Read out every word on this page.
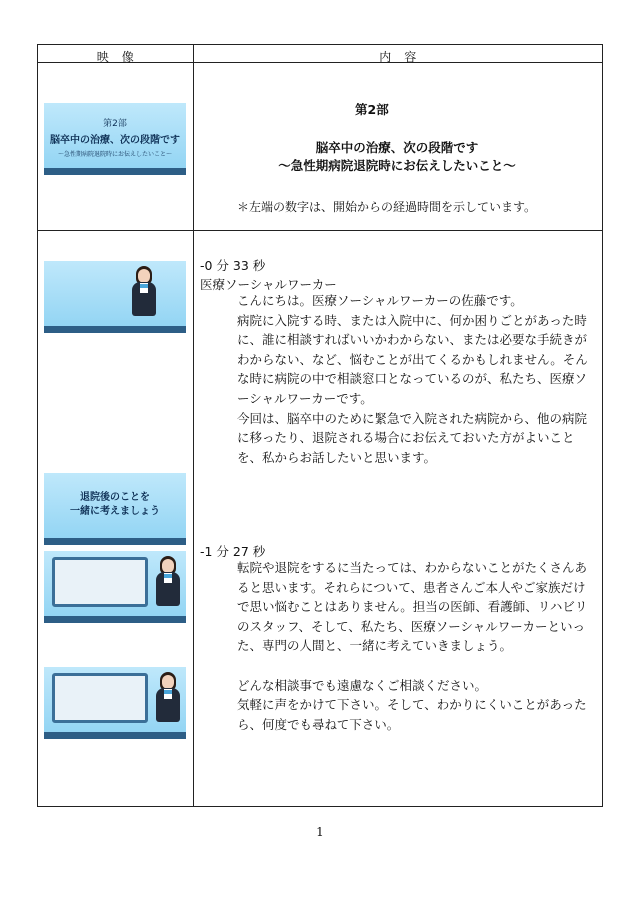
映　像	内　容
第2部
脳卒中の治療、次の段階です
～急性期病院退院時にお伝えしたいこと～
退院後のことを
一緒に考えましょう
第2部
脳卒中の治療、次の段階です
～急性期病院退院時にお伝えしたいこと～
＊左端の数字は、開始からの経過時間を示しています。
-0 分 33 秒
医療ソーシャルワーカー
こんにちは。医療ソーシャルワーカーの佐藤です。
病院に入院する時、または入院中に、何か困りごとがあった時
に、誰に相談すればいいかわからない、または必要な手続きが
わからない、など、悩むことが出てくるかもしれません。そん
な時に病院の中で相談窓口となっているのが、私たち、医療ソ
ーシャルワーカーです。
今回は、脳卒中のために緊急で入院された病院から、他の病院
に移ったり、退院される場合にお伝えておいた方がよいこと
を、私からお話したいと思います。
-1 分 27 秒
転院や退院をするに当たっては、わからないことがたくさんあ
ると思います。それらについて、患者さんご本人やご家族だけ
で思い悩むことはありません。担当の医師、看護師、リハビリ
のスタッフ、そして、私たち、医療ソーシャルワーカーといっ
た、専門の人間と、一緒に考えていきましょう。
どんな相談事でも遠慮なくご相談ください。
気軽に声をかけて下さい。そして、わかりにくいことがあった
ら、何度でも尋ねて下さい。
1
